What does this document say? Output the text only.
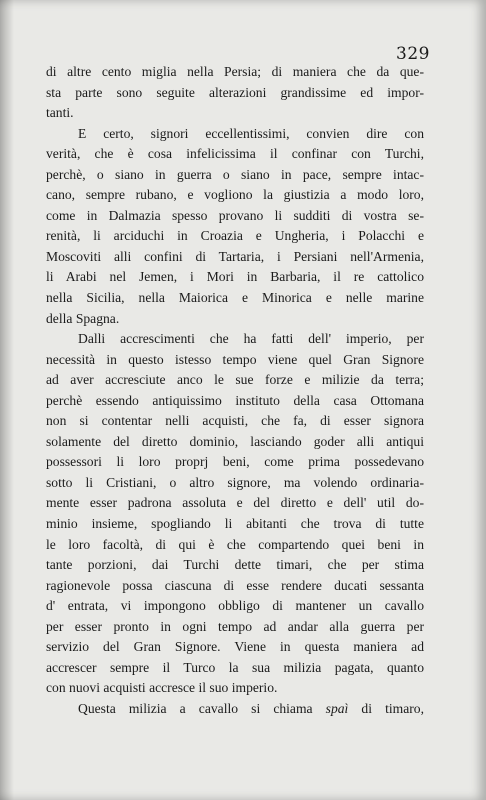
329
di altre cento miglia nella Persia; di maniera che da que-
sta parte sono seguite alterazioni grandissime ed impor-
tanti.
E certo, signori eccellentissimi, convien dire con
verità, che è cosa infelicissima il confinar con Turchi,
perchè, o siano in guerra o siano in pace, sempre intac-
cano, sempre rubano, e vogliono la giustizia a modo loro,
come in Dalmazia spesso provano li sudditi di vostra se-
renità, li arciduchi in Croazia e Ungheria, i Polacchi e
Moscoviti alli confini di Tartaria, i Persiani nell'Armenia,
li Arabi nel Jemen, i Mori in Barbaria, il re cattolico
nella Sicilia, nella Maiorica e Minorica e nelle marine
della Spagna.
Dalli accrescimenti che ha fatti dell' imperio, per
necessità in questo istesso tempo viene quel Gran Signore
ad aver accresciute anco le sue forze e milizie da terra;
perchè essendo antiquissimo instituto della casa Ottomana
non si contentar nelli acquisti, che fa, di esser signora
solamente del diretto dominio, lasciando goder alli antiqui
possessori li loro proprj beni, come prima possedevano
sotto li Cristiani, o altro signore, ma volendo ordinaria-
mente esser padrona assoluta e del diretto e dell' util do-
minio insieme, spogliando li abitanti che trova di tutte
le loro facoltà, di qui è che compartendo quei beni in
tante porzioni, dai Turchi dette timari, che per stima
ragionevole possa ciascuna di esse rendere ducati sessanta
d' entrata, vi impongono obbligo di mantener un cavallo
per esser pronto in ogni tempo ad andar alla guerra per
servizio del Gran Signore. Viene in questa maniera ad
accrescer sempre il Turco la sua milizia pagata, quanto
con nuovi acquisti accresce il suo imperio.
Questa milizia a cavallo si chiama spaì di timaro,
